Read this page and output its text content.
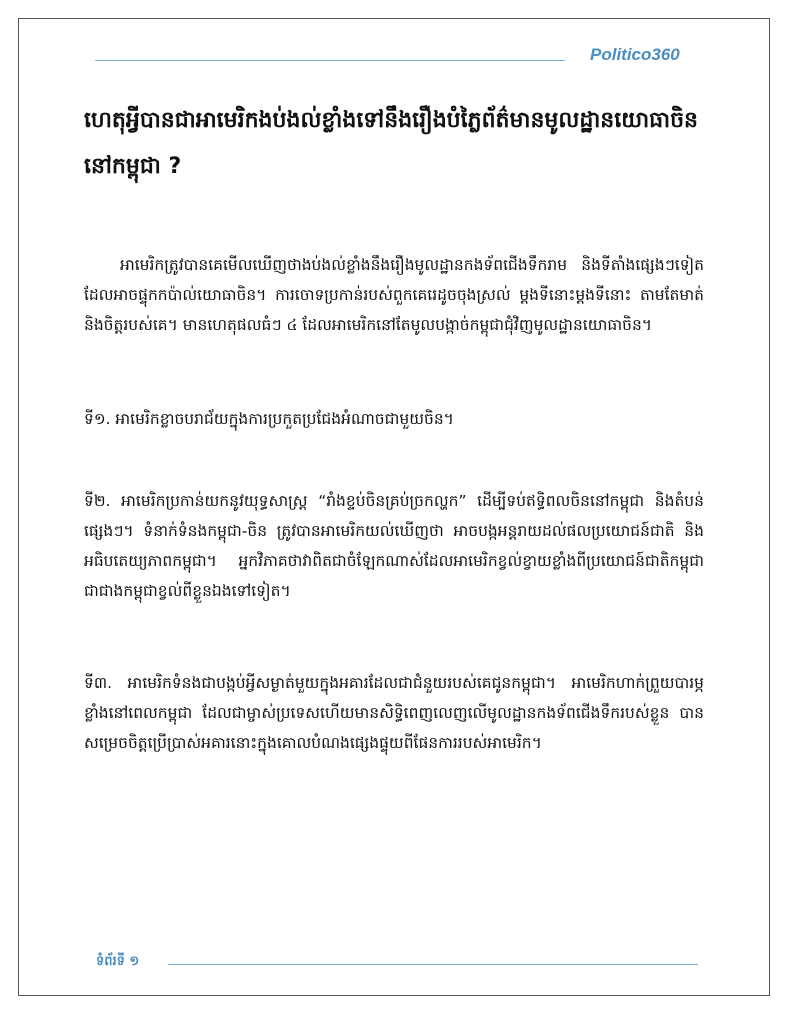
Politico360
ហេតុអ្វីបានជាអាមេរិកងប់ងល់ខ្លាំងទៅនឹងរឿងបំភ្លៃព័ត៌មានមូលដ្ឋានយោធាចិននៅកម្ពុជា ?

អាមេរិកត្រូវបានគេមើលឃើញថាងប់ងល់ខ្លាំងនឹងរឿងមូលដ្ឋានកងទ័ពជើងទឹករាម និងទីតាំងផ្សេងៗទៀតដែលអាចផ្ទុកកប៉ាល់យោធាចិន។ ការចោទប្រកាន់របស់ពួកគេរេដូចចុងស្រល់ ម្តងទីនោះម្តងទីនោះ តាមតែមាត់ និងចិត្តរបស់គេ។ មានហេតុផលធំៗ ៤ ដែលអាមេរិកនៅតែមូលបង្កាច់កម្ពុជាជុំវិញមូលដ្ឋានយោធាចិន។

ទី១. អាមេរិកខ្លាចបរាជ័យក្នុងការប្រកួតប្រជែងអំណាចជាមួយចិន។

ទី២. អាមេរិកប្រកាន់យកនូវយុទ្ធសាស្ត្រ “រាំងខ្ទប់ចិនគ្រប់ច្រកល្ហក” ដើម្បីទប់ឥទ្ធិពលចិននៅកម្ពុជា និងតំបន់ផ្សេងៗ។ ទំនាក់ទំនងកម្ពុជា-ចិន ត្រូវបានអាមេរិកយល់ឃើញថា អាចបង្កអន្តរាយដល់ផលប្រយោជន៍ជាតិ និងអធិបតេយ្យភាពកម្ពុជា។ អ្នកវិភាគថាវាពិតជាចំឡែកណាស់ដែលអាមេរិកខ្វល់ខ្វាយខ្លាំងពីប្រយោជន៍ជាតិកម្ពុជា ជាជាងកម្ពុជាខ្វល់ពីខ្លួនឯងទៅទៀត។

ទី៣. អាមេរិកទំនងជាបង្កប់អ្វីសម្ងាត់មួយក្នុងអគារដែលជាជំនួយរបស់គេជូនកម្ពុជា។ អាមេរិកហាក់ព្រួយបារម្ភខ្លាំងនៅពេលកម្ពុជា ដែលជាម្ចាស់ប្រទេសហើយមានសិទ្ធិពេញលេញលើមូលដ្ឋានកងទ័ពជើងទឹករបស់ខ្លួន បានសម្រេចចិត្តប្រើប្រាស់អគារនោះក្នុងគោលបំណងផ្សេងផ្ទុយពីផែនការរបស់អាមេរិក។

ទំព័រទី ១
